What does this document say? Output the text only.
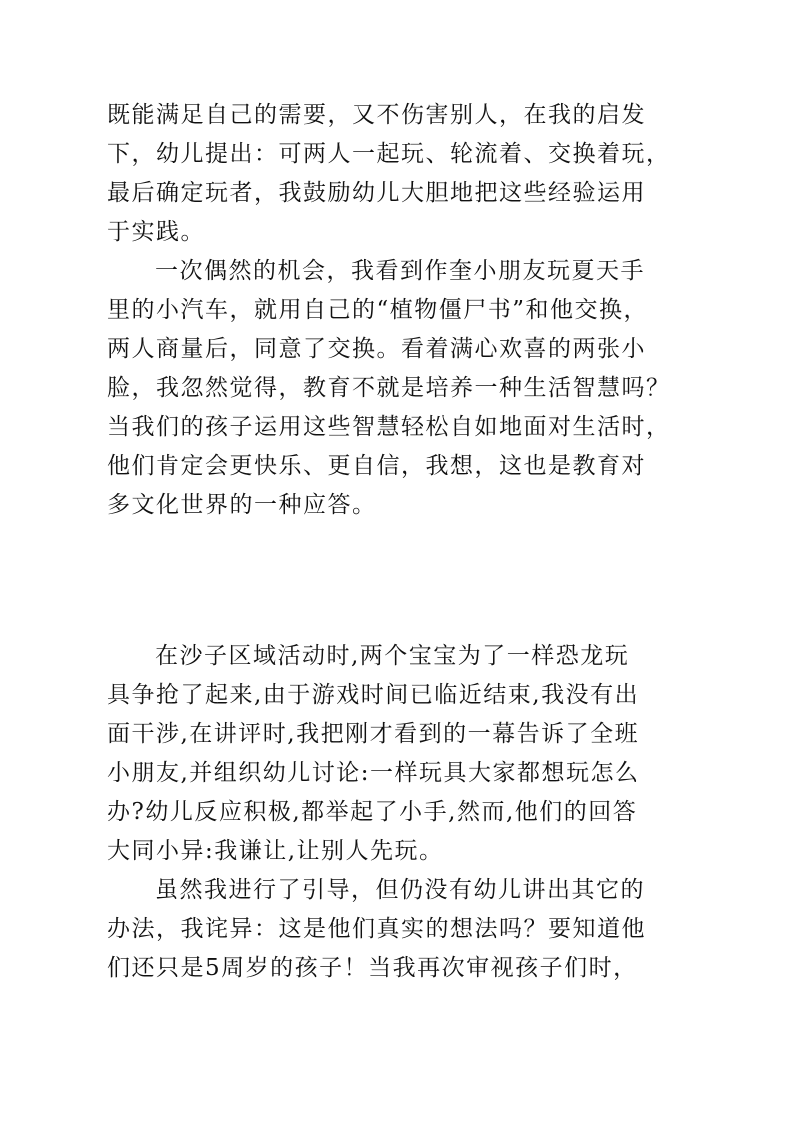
既能满足自己的需要，又不伤害别人，在我的启发
下，幼儿提出：可两人一起玩、轮流着、交换着玩，
最后确定玩者，我鼓励幼儿大胆地把这些经验运用
于实践。
一次偶然的机会，我看到作奎小朋友玩夏天手
里的小汽车，就用自己的“植物僵尸书”和他交换，
两人商量后，同意了交换。看着满心欢喜的两张小
脸，我忽然觉得，教育不就是培养一种生活智慧吗？
当我们的孩子运用这些智慧轻松自如地面对生活时，
他们肯定会更快乐、更自信，我想，这也是教育对
多文化世界的一种应答。
在沙子区域活动时,两个宝宝为了一样恐龙玩
具争抢了起来,由于游戏时间已临近结束,我没有出
面干涉,在讲评时,我把刚才看到的一幕告诉了全班
小朋友,并组织幼儿讨论:一样玩具大家都想玩怎么
办?幼儿反应积极,都举起了小手,然而,他们的回答
大同小异:我谦让,让别人先玩。
虽然我进行了引导，但仍没有幼儿讲出其它的
办法，我诧异：这是他们真实的想法吗？要知道他
们还只是5周岁的孩子！当我再次审视孩子们时，
